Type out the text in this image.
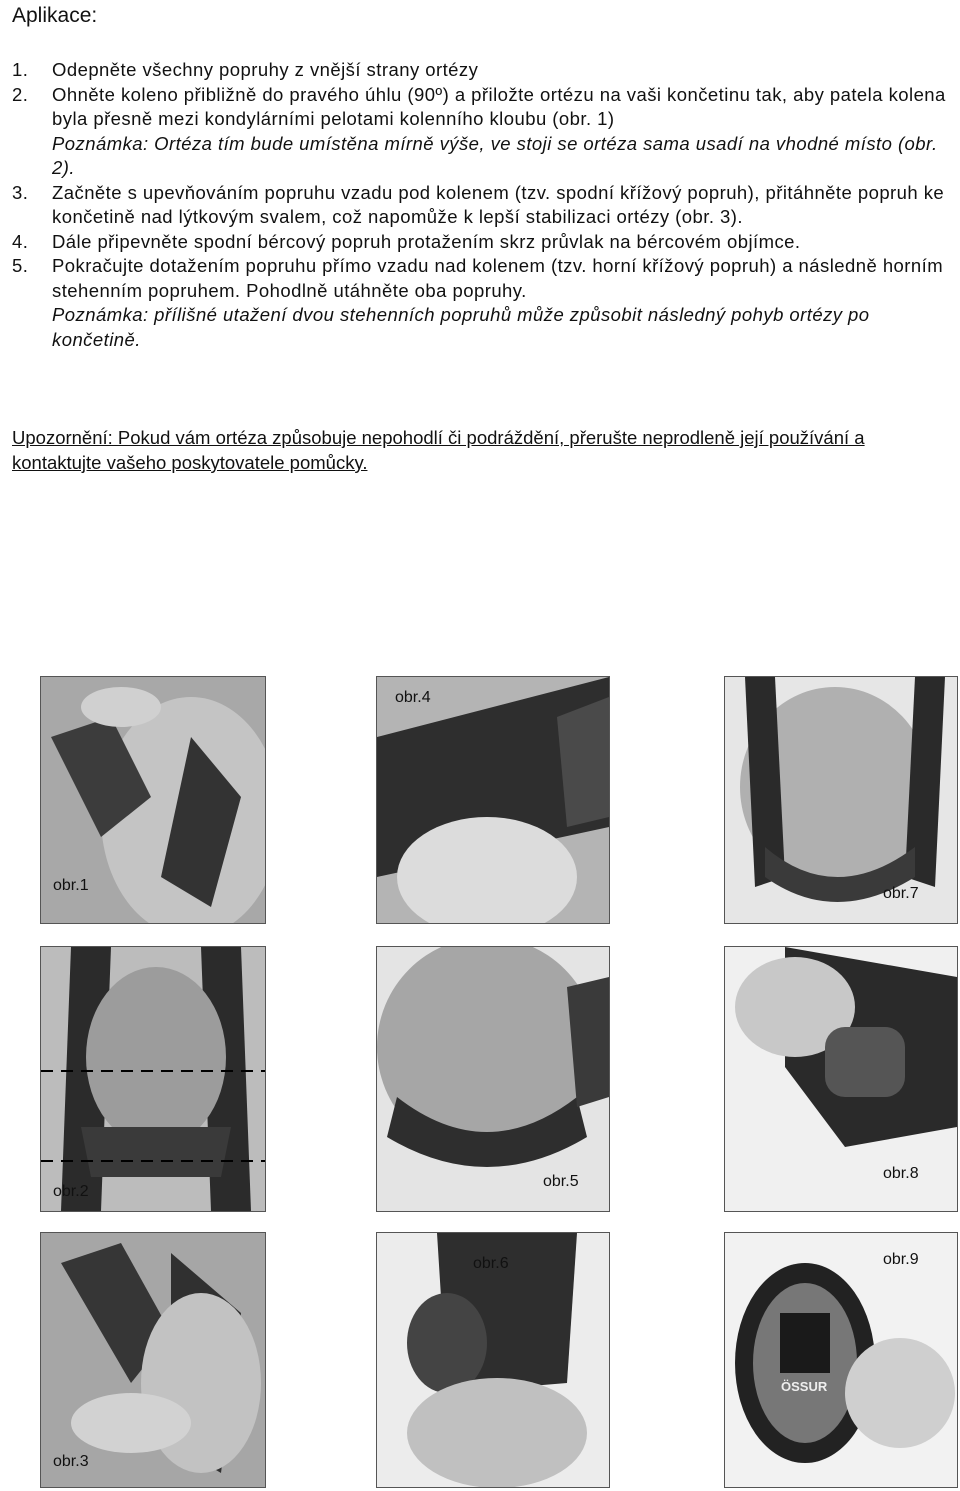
Aplikace:
1. Odepněte všechny popruhy z vnější strany ortézy
2. Ohněte koleno přibližně do pravého úhlu (90º) a přiložte ortézu na vaši končetinu tak, aby patela kolena byla přesně mezi kondylárními pelotami kolenního kloubu (obr. 1)
Poznámka: Ortéza tím bude umístěna mírně výše, ve stoji se ortéza sama usadí na vhodné místo (obr. 2).
3. Začněte s upevňováním popruhu vzadu pod kolenem (tzv. spodní křížový popruh), přitáhněte popruh ke končetině nad lýtkovým svalem, což napomůže k lepší stabilizaci ortézy (obr. 3).
4. Dále připevněte spodní bércový popruh protažením skrz průvlak na bércovém objímce.
5. Pokračujte dotažením popruhu přímo vzadu nad kolenem (tzv. horní křížový popruh) a následně horním stehenním popruhem. Pohodlně utáhněte oba popruhy.
Poznámka: přílišné utažení dvou stehenních popruhů může způsobit následný pohyb ortézy po končetině.
Upozornění: Pokud vám ortéza způsobuje nepohodlí či podráždění, přerušte neprodleně její používání a kontaktujte vašeho poskytovatele pomůcky.
obr.1
obr.4
obr.7
obr.2
obr.5	obr.8
obr.3
obr.6	obr.9
ÖSSUR
